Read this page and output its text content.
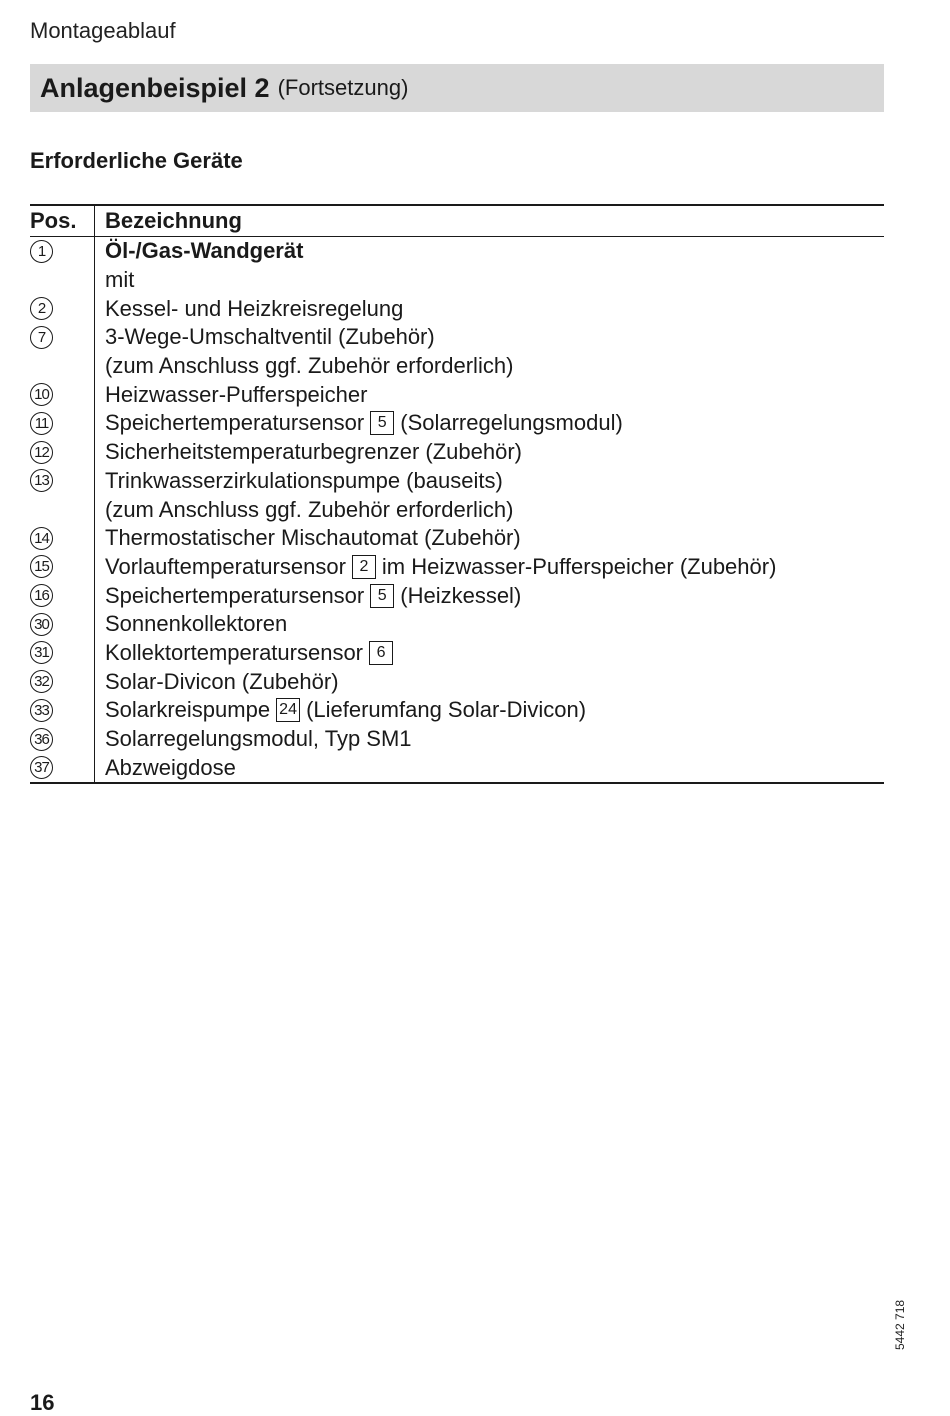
Montageablauf
Anlagenbeispiel 2 (Fortsetzung)
Erforderliche Geräte
Pos.	Bezeichnung
1	Öl-/Gas-Wandgerät
mit
2	Kessel- und Heizkreisregelung
7	3-Wege-Umschaltventil (Zubehör)
(zum Anschluss ggf. Zubehör erforderlich)
10	Heizwasser-Pufferspeicher
11	Speichertemperatursensor 5 (Solarregelungsmodul)
12	Sicherheitstemperaturbegrenzer (Zubehör)
13	Trinkwasserzirkulationspumpe (bauseits)
(zum Anschluss ggf. Zubehör erforderlich)
14	Thermostatischer Mischautomat (Zubehör)
15	Vorlauftemperatursensor 2 im Heizwasser-Pufferspeicher (Zubehör)
16	Speichertemperatursensor 5 (Heizkessel)
30	Sonnenkollektoren
31	Kollektortemperatursensor 6
32	Solar-Divicon (Zubehör)
33	Solarkreispumpe 24 (Lieferumfang Solar-Divicon)
36	Solarregelungsmodul, Typ SM1
37	Abzweigdose
5442 718
16
